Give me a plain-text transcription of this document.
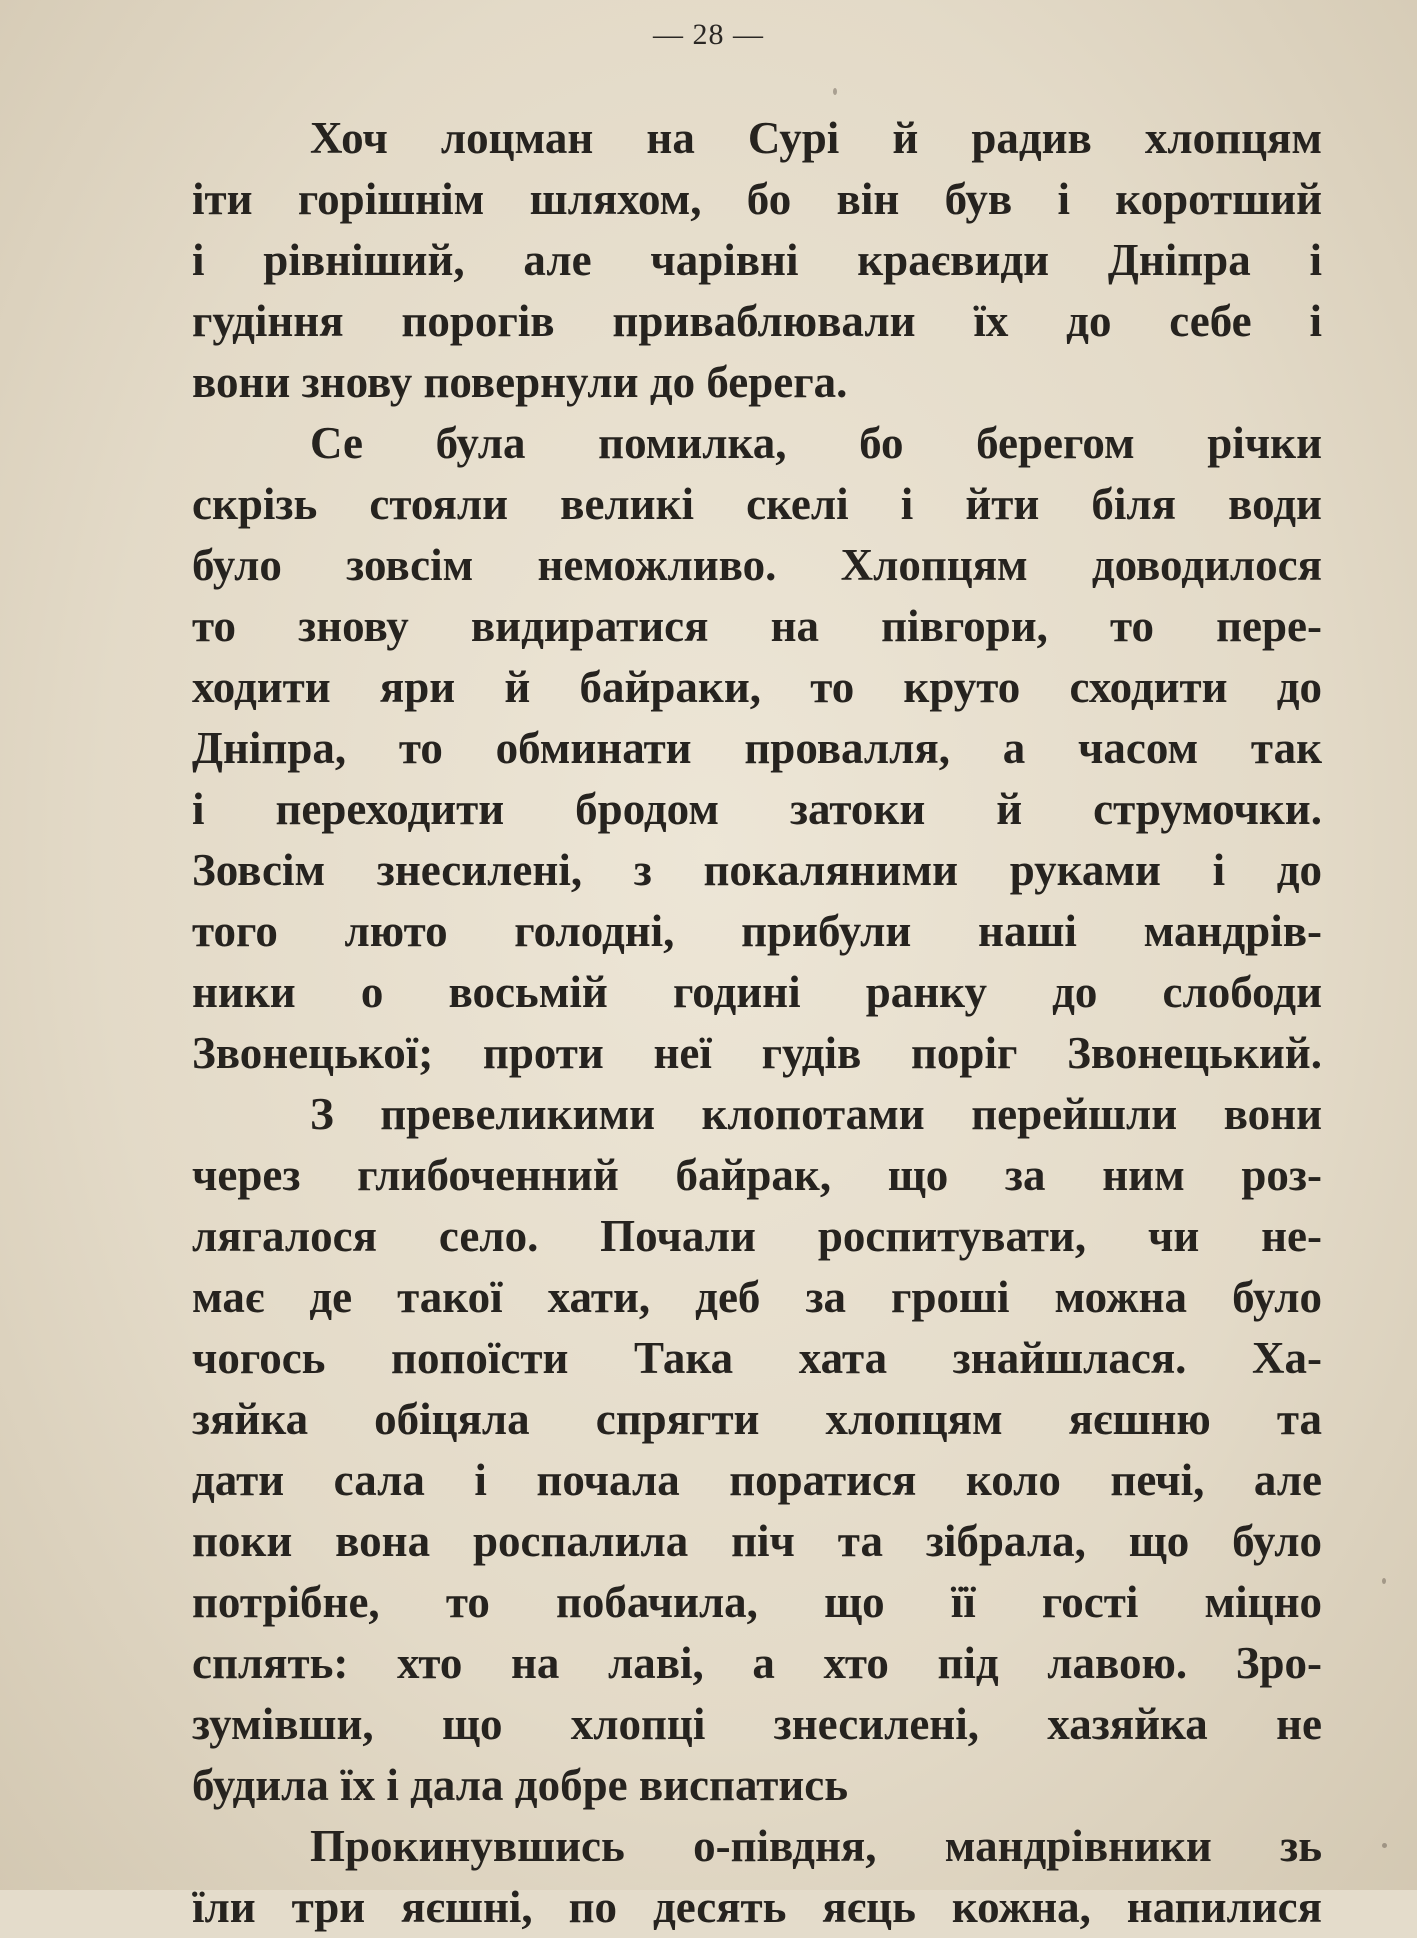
— 28 —
Хоч лоцман на Сурі й радив хлопцям
іти горішнім шляхом, бо він був і коротший
і рівніший, але чарівні краєвиди Дніпра і
гудіння порогів приваблювали їх до себе і
вони знову повернули до берега.
Се була помилка, бо берегом річки
скрізь стояли великі скелі і йти біля води
було зовсім неможливо. Хлопцям доводилося
то знову видиратися на півгори, то пере-
ходити яри й байраки, то круто сходити до
Дніпра, то обминати провалля, а часом так
і переходити бродом затоки й струмочки.
Зовсім знесилені, з покаляними руками і до
того люто голодні, прибули наші мандрів-
ники о восьмій годині ранку до слободи
Звонецької; проти неї гудів поріг Звонецький.
З превеликими клопотами перейшли вони
через глибоченний байрак, що за ним роз-
лягалося село. Почали роспитувати, чи не-
має де такої хати, деб за гроші можна було
чогось попоїсти Така хата знайшлася. Ха-
зяйка обіцяла спрягти хлопцям яєшню та
дати сала і почала поратися коло печі, але
поки вона роспалила піч та зібрала, що було
потрібне, то побачила, що її гості міцно
сплять: хто на лаві, а хто під лавою. Зро-
зумівши, що хлопці знесилені, хазяйка не
будила їх і дала добре виспатись
Прокинувшись о-півдня, мандрівники зь
їли три яєшні, по десять яєць кожна, напилися
